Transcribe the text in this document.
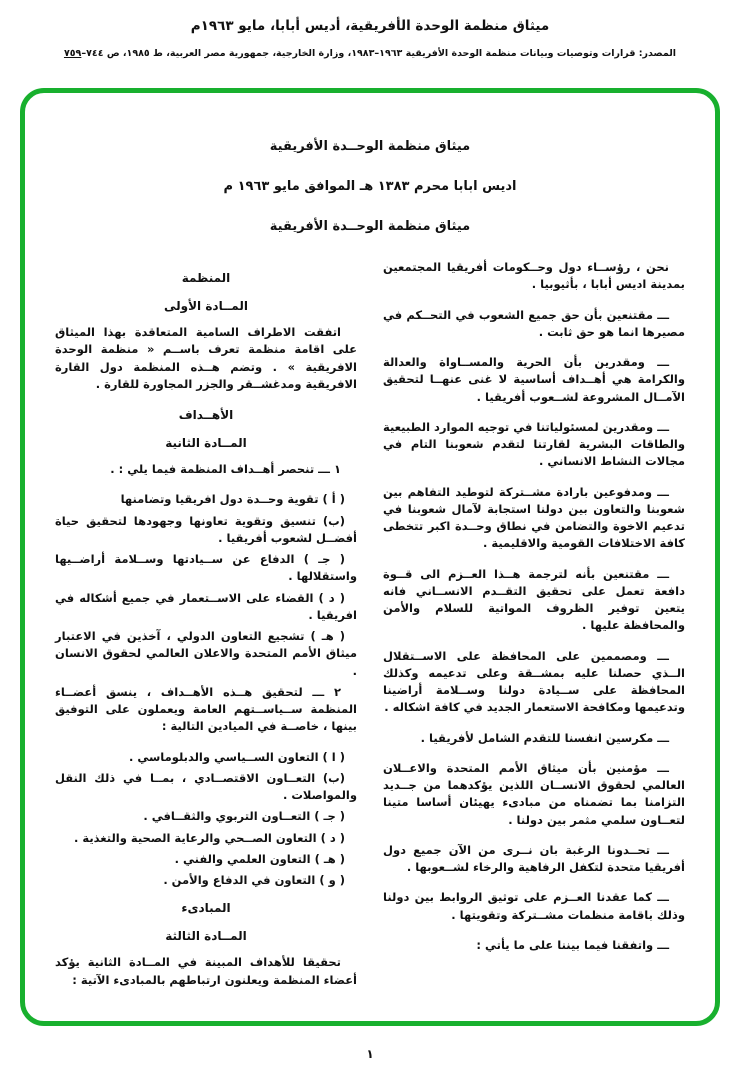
ميثاق منظمة الوحدة الأفريقية، أديس أبابا، مايو ١٩٦٣م
المصدر: قرارات وتوصيات وبيانات منظمة الوحدة الأفريقية ١٩٦٣–١٩٨٣، وزارة الخارجية، جمهورية مصر العربية، ط ١٩٨٥، ص ٧٤٤–٧٥٩
ميثاق منظمة الوحــدة الأفريقية
اديس ابابا محرم ١٣٨٣ هـ الموافق مايو ١٩٦٣ م
ميثاق منظمة الوحــدة الأفريقية

نحن ، رؤســاء دول وحــكومات أفريقيا المجتمعين بمدينة اديس أبابا ، بأثيوبيا .

ـــ مقتنعين بأن حق جميع الشعوب في التحــكم في مصيرها انما هو حق ثابت .

ـــ ومقدرين بأن الحرية والمســاواة والعدالة والكرامة هي أهــداف أساسية لا غنى عنهــا لتحقيق الآمــال المشروعة لشــعوب أفريقيا .

ـــ ومقدرين لمسئولياتنا في توجيه الموارد الطبيعية والطاقات البشرية لقارتنا لتقدم شعوبنا التام في مجالات النشاط الانساني .

ـــ ومدفوعين بارادة مشــتركة لتوطيد التفاهم بين شعوبنا والتعاون بين دولنا استجابة لآمال شعوبنا في تدعيم الاخوة والتضامن في نطاق وحــدة اكبر تتخطى كافة الاختلافات القومية والاقليمية .

ـــ مقتنعين بأنه لترجمة هــذا العــزم الى قــوة دافعة تعمل على تحقيق التقــدم الانســاني فانه يتعين توفير الظروف المواتية للسلام والأمن والمحافظة عليها .

ـــ ومصممين على المحافظة على الاســتقلال الــذي حصلنا عليه بمشــقة وعلى تدعيمه وكذلك المحافظة على ســيادة دولنا وســلامة أراضينا وتدعيمها ومكافحة الاستعمار الجديد في كافة اشكاله .

ـــ مكرسين انفسنا للتقدم الشامل لأفريقيا .

ـــ مؤمنين بأن ميثاق الأمم المتحدة والاعــلان العالمي لحقوق الانســان اللذين يؤكدهما من جــديد التزامنا بما تضمناه من مبادىء يهيئان أساسا متينا لتعــاون سلمي مثمر بين دولنا .

ـــ تحــدونا الرغبة بان نــرى من الآن جميع دول أفريقيا متحدة لتكفل الرفاهية والرخاء لشــعوبها .

ـــ كما عقدنا العــزم على توثيق الروابط بين دولنا وذلك باقامة منظمات مشــتركة وتقويتها .

ـــ واتفقنا فيما بيننا على ما يأتي :

المنظمة

المــادة الأولى

اتفقت الاطراف السامية المتعاقدة بهذا الميثاق على اقامة منظمة تعرف باســم « منظمة الوحدة الافريقية » . وتضم هــذه المنظمة دول القارة الافريقية ومدغشــقر والجزر المجاورة للقارة .

الأهــداف

المــادة الثانية

١ ـــ تنحصر أهــداف المنظمة فيما يلي : .

( أ ) تقوية وحــدة دول افريقيا وتضامنها

(ب) تنسيق وتقوية تعاونها وجهودها لتحقيق حياة أفضــل لشعوب أفريقيا .

( جـ ) الدفاع عن ســيادتها وســلامة أراضــيها واستقلالها .

( د ) القضاء على الاســتعمار في جميع أشكاله في افريقيا .

( هـ ) تشجيع التعاون الدولي ، آخذين في الاعتبار ميثاق الأمم المتحدة والاعلان العالمي لحقوق الانسان .

٢ ـــ لتحقيق هــذه الأهــداف ، ينسق أعضــاء المنظمة ســياســتهم العامة ويعملون على التوفيق بينها ، خاصــة في الميادين التالية :

( ا ) التعاون الســياسي والدبلوماسي .

(ب) التعــاون الاقتصــادي ، بمــا في ذلك النقل والمواصلات .

( جـ ) التعــاون التربوي والثقــافي .

( د ) التعاون الصــحي والرعاية الصحية والتغذية .

( هـ ) التعاون العلمي والفني .

( و ) التعاون في الدفاع والأمن .

المبادىء

المــادة الثالثة

تحقيقا للأهداف المبينة في المــادة الثانية يؤكد أعضاء المنظمة ويعلنون ارتباطهم بالمبادىء الآتية :

١
